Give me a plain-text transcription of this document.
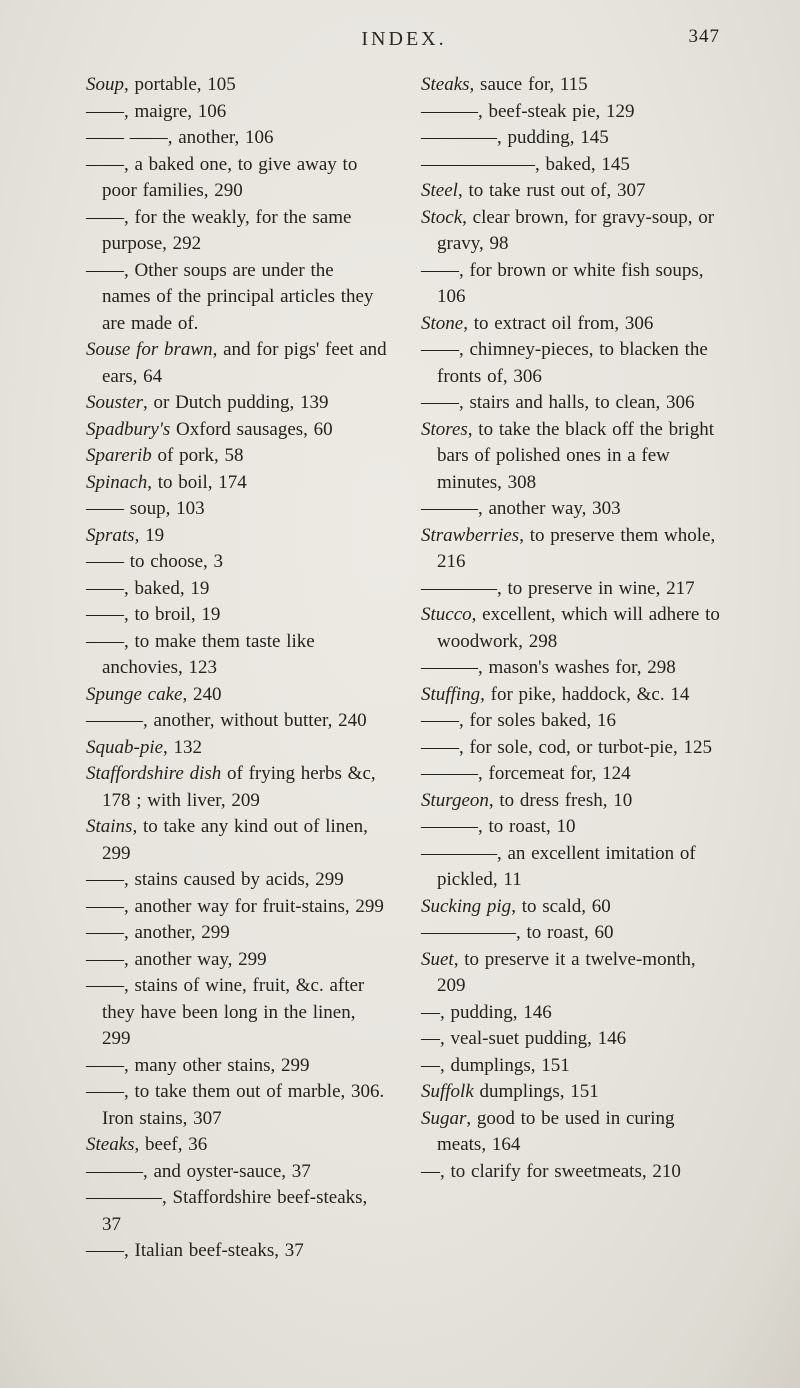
INDEX.	347

Soup, portable, 105

——, maigre, 106

—— ——, another, 106

——, a baked one, to give away to poor families, 290

——, for the weakly, for the same purpose, 292

——, Other soups are under the names of the principal articles they are made of.

Souse for brawn, and for pigs' feet and ears, 64

Souster, or Dutch pudding, 139

Spadbury's Oxford sausages, 60

Sparerib of pork, 58

Spinach, to boil, 174

—— soup, 103

Sprats, 19

—— to choose, 3

——, baked, 19

——, to broil, 19

——, to make them taste like anchovies, 123

Spunge cake, 240

———, another, without butter, 240

Squab-pie, 132

Staffordshire dish of frying herbs &c, 178 ; with liver, 209

Stains, to take any kind out of linen, 299

——, stains caused by acids, 299

——, another way for fruit-stains, 299

——, another, 299

——, another way, 299

——, stains of wine, fruit, &c. after they have been long in the linen, 299

——, many other stains, 299

——, to take them out of marble, 306. Iron stains, 307

Steaks, beef, 36

———, and oyster-sauce, 37

————, Staffordshire beef-steaks, 37

——, Italian beef-steaks, 37

Steaks, sauce for, 115

———, beef-steak pie, 129

————, pudding, 145

——————, baked, 145

Steel, to take rust out of, 307

Stock, clear brown, for gravy-soup, or gravy, 98

——, for brown or white fish soups, 106

Stone, to extract oil from, 306

——, chimney-pieces, to blacken the fronts of, 306

——, stairs and halls, to clean, 306

Stores, to take the black off the bright bars of polished ones in a few minutes, 308

———, another way, 303

Strawberries, to preserve them whole, 216

————, to preserve in wine, 217

Stucco, excellent, which will adhere to woodwork, 298

———, mason's washes for, 298

Stuffing, for pike, haddock, &c. 14

——, for soles baked, 16

——, for sole, cod, or turbot-pie, 125

———, forcemeat for, 124

Sturgeon, to dress fresh, 10

———, to roast, 10

————, an excellent imitation of pickled, 11

Sucking pig, to scald, 60

—————, to roast, 60

Suet, to preserve it a twelve-month, 209

—, pudding, 146

—, veal-suet pudding, 146

—, dumplings, 151

Suffolk dumplings, 151

Sugar, good to be used in curing meats, 164

—, to clarify for sweetmeats, 210
